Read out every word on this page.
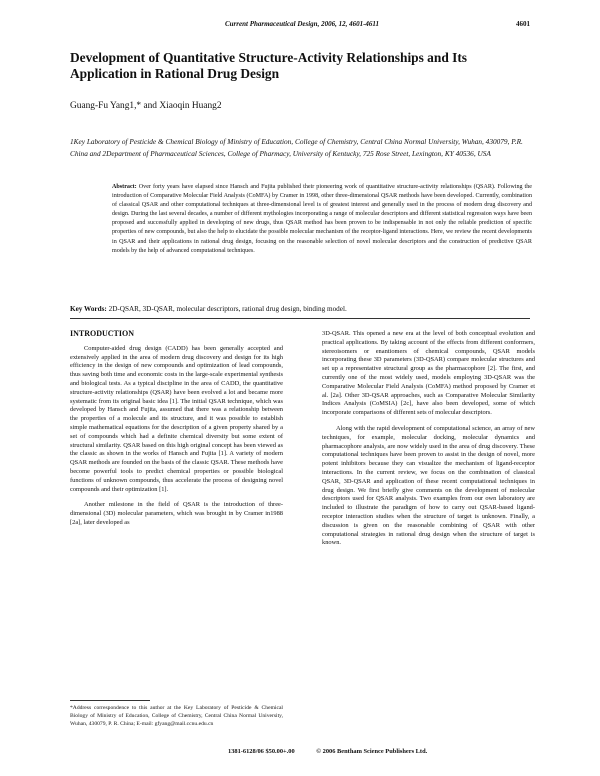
Current Pharmaceutical Design, 2006, 12, 4601-4611	4601
Development of Quantitative Structure-Activity Relationships and Its Application in Rational Drug Design
Guang-Fu Yang1,* and Xiaoqin Huang2
1Key Laboratory of Pesticide & Chemical Biology of Ministry of Education, College of Chemistry, Central China Normal University, Wuhan, 430079, P.R. China and 2Department of Pharmaceutical Sciences, College of Pharmacy, University of Kentucky, 725 Rose Street, Lexington, KY 40536, USA
Abstract: Over forty years have elapsed since Hansch and Fujita published their pioneering work of quantitative structure-activity relationships (QSAR). Following the introduction of Comparative Molecular Field Analysis (CoMFA) by Cramer in 1998, other three-dimensional QSAR methods have been developed. Currently, combination of classical QSAR and other computational techniques at three-dimensional level is of greatest interest and generally used in the process of modern drug discovery and design. During the last several decades, a number of different mythologies incorporating a range of molecular descriptors and different statistical regression ways have been proposed and successfully applied in developing of new drugs, thus QSAR method has been proven to be indispensable in not only the reliable prediction of specific properties of new compounds, but also the help to elucidate the possible molecular mechanism of the receptor-ligand interactions. Here, we review the recent developments in QSAR and their applications in rational drug design, focusing on the reasonable selection of novel molecular descriptors and the construction of predictive QSAR models by the help of advanced computational techniques.
Key Words: 2D-QSAR, 3D-QSAR, molecular descriptors, rational drug design, binding model.
INTRODUCTION

Computer-aided drug design (CADD) has been generally accepted and extensively applied in the area of modern drug discovery and design for its high efficiency in the design of new compounds and optimization of lead compounds, thus saving both time and economic costs in the large-scale experimental synthesis and biological tests. As a typical discipline in the area of CADD, the quantitative structure-activity relationships (QSAR) have been evolved a lot and became more systematic from its original basic idea [1]. The initial QSAR technique, which was developed by Hansch and Fujita, assumed that there was a relationship between the properties of a molecule and its structure, and it was possible to establish simple mathematical equations for the description of a given property shared by a set of compounds which had a definite chemical diversity but some extent of structural similarity. QSAR based on this high original concept has been viewed as the classic as shown in the works of Hansch and Fujita [1]. A variety of modern QSAR methods are founded on the basis of the classic QSAR. These methods have become powerful tools to predict chemical properties or possible biological functions of unknown compounds, thus accelerate the process of designing novel compounds and their optimization [1].

Another milestone in the field of QSAR is the introduction of three-dimensional (3D) molecular parameters, which was brought in by Cramer in1988 [2a], later developed as

3D-QSAR. This opened a new era at the level of both conceptual evolution and practical applications. By taking account of the effects from different conformers, stereoisomers or enantiomers of chemical compounds, QSAR models incorporating these 3D parameters (3D-QSAR) compare molecular structures and set up a representative structural group as the pharmacophore [2]. The first, and currently one of the most widely used, models employing 3D-QSAR was the Comparative Molecular Field Analysis (CoMFA) method proposed by Cramer et al. [2a]. Other 3D-QSAR approaches, such as Comparative Molecular Similarity Indices Analysis (CoMSIA) [2c], have also been developed, some of which incorporate comparisons of different sets of molecular descriptors.

Along with the rapid development of computational science, an array of new techniques, for example, molecular docking, molecular dynamics and pharmacophore analysis, are now widely used in the area of drug discovery. These computational techniques have been proven to assist in the design of novel, more potent inhibitors because they can visualize the mechanism of ligand-receptor interactions. In the current review, we focus on the combination of classical QSAR, 3D-QSAR and application of these recent computational techniques in drug design. We first briefly give comments on the development of molecular descriptors used for QSAR analysis. Two examples from our own laboratory are included to illustrate the paradigm of how to carry out QSAR-based ligand-receptor interaction studies when the structure of target is unknown. Finally, a discussion is given on the reasonable combining of QSAR with other computational strategies in rational drug design when the structure of target is known.

*Address correspondence to this author at the Key Laboratory of Pesticide & Chemical Biology of Ministry of Education, College of Chemistry, Central China Normal University, Wuhan, 430079, P. R. China; E-mail: gfyang@mail.ccnu.edu.cn
1381-6128/06 $50.00+.00	© 2006 Bentham Science Publishers Ltd.
